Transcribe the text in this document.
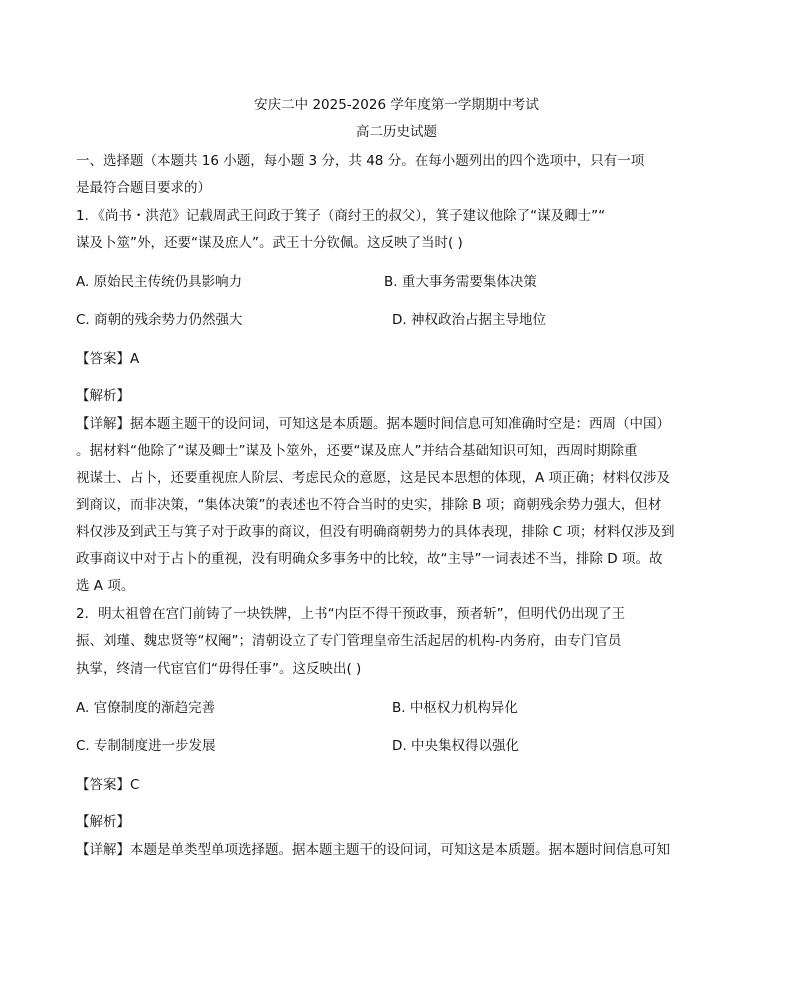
安庆二中 2025-2026 学年度第一学期期中考试
高二历史试题
一、选择题（本题共 16 小题，每小题 3 分，共 48 分。在每小题列出的四个选项中，只有一项
是最符合题目要求的）
1．《尚书・洪范》记载周武王问政于箕子（商纣王的叔父），箕子建议他除了“谋及卿士”“
谋及卜筮”外，还要“谋及庶人”。武王十分钦佩。这反映了当时( )
A. 原始民主传统仍具影响力	B. 重大事务需要集体决策
C. 商朝的残余势力仍然强大	D. 神权政治占据主导地位
【答案】A
【解析】
【详解】据本题主题干的设问词，可知这是本质题。据本题时间信息可知准确时空是：西周（中国）
。据材料“他除了“谋及卿士”谋及卜筮外，还要“谋及庶人”并结合基础知识可知，西周时期除重
视谋士、占卜，还要重视庶人阶层、考虑民众的意愿，这是民本思想的体现，A 项正确；材料仅涉及
到商议，而非决策，“集体决策”的表述也不符合当时的史实，排除 B 项；商朝残余势力强大，但材
料仅涉及到武王与箕子对于政事的商议，但没有明确商朝势力的具体表现，排除 C 项；材料仅涉及到
政事商议中对于占卜的重视，没有明确众多事务中的比较，故“主导”一词表述不当，排除 D 项。故
选 A 项。
2．明太祖曾在宫门前铸了一块铁牌，上书“内臣不得干预政事，预者斩”，但明代仍出现了王
振、刘瑾、魏忠贤等“权阉”；清朝设立了专门管理皇帝生活起居的机构-内务府，由专门官员
执掌，终清一代宦官们“毋得任事”。这反映出( )
A. 官僚制度的渐趋完善	B. 中枢权力机构异化
C. 专制制度进一步发展	D. 中央集权得以强化
【答案】C
【解析】
【详解】本题是单类型单项选择题。据本题主题干的设问词，可知这是本质题。据本题时间信息可知
